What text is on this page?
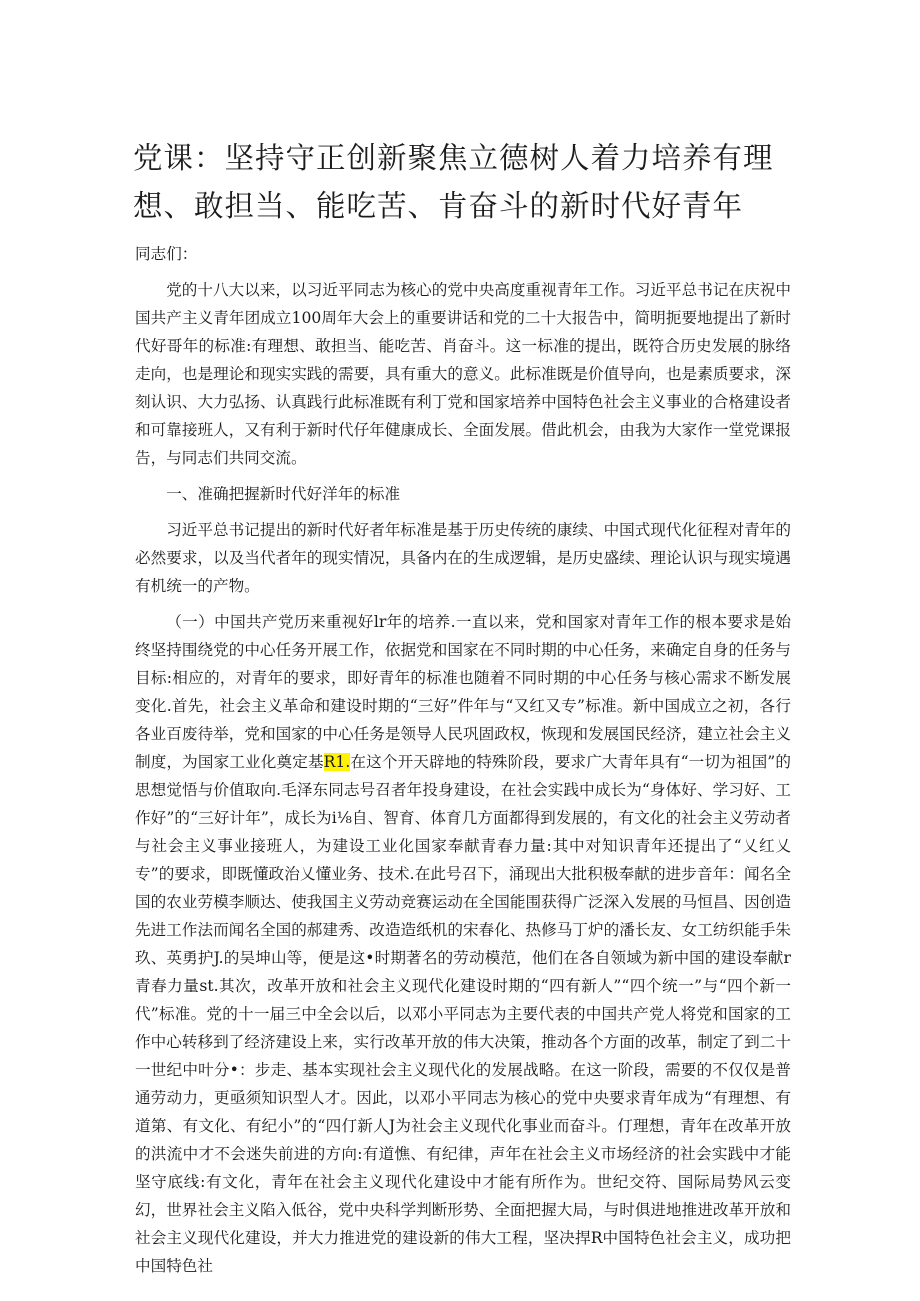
党课：坚持守正创新聚焦立德树人着力培养有理想、敢担当、能吃苦、肯奋斗的新时代好青年

同志们：

党的十八大以来，以习近平同志为核心的党中央高度重视青年工作。习近平总书记在庆祝中国共产主义青年团成立100周年大会上的重要讲话和党的二十大报告中，简明扼要地提出了新时代好哥年的标准:有理想、敢担当、能吃苦、肖奋斗。这一标准的提出，既符合历史发展的脉络走向，也是理论和现实实践的需要，具有重大的意义。此标准既是价值导向，也是素质要求，深刻认识、大力弘扬、认真践行此标准既有利丁党和国家培养中国特色社会主义事业的合格建设者和可靠接班人，又有利于新时代仔年健康成长、全面发展。借此机会，由我为大家作一堂党课报告，与同志们共同交流。

一、准确把握新时代好洋年的标准

习近平总书记提出的新时代好者年标准是基于历史传统的康续、中国式现代化征程对青年的必然要求，以及当代者年的现实情况，具备内在的生成逻辑，是历史盛续、理论认识与现实境遇有机统一的产物。

（一）中国共产党历来重视好lr年的培养.一直以来，党和国家对青年工作的根本要求是始终坚持围绕党的中心任务开展工作，依据党和国家在不同时期的中心任务，来确定自身的任务与目标:相应的，对青年的要求，即好青年的标准也随着不同时期的中心任务与核心需求不断发展变化.首先，社会主义革命和建设时期的“三好”件年与“又红又专”标准。新中国成立之初，各行各业百废待举，党和国家的中心任务是领导人民巩固政权，恢现和发展国民经济，建立社会主义制度，为国家工业化奠定基R1.在这个开天辟地的特殊阶段，要求广大青年具有“一切为祖国”的思想觉悟与价值取向.毛泽东同志号召者年投身建设，在社会实践中成长为“身体好、学习好、工作好”的“三好计年”，成长为i⅛自、智育、体育几方面都得到发展的，有文化的社会主义劳动者与社会主义事业接班人，为建设工业化国家奉献青春力量:其中对知识青年还提出了“乂红乂专”的要求，即既懂政治乂懂业务、技术.在此号召下，涌现出大批积极奉献的进步音年：闻名全国的农业劳模李顺达、使我国主义劳动竞赛运动在全国能围获得广泛深入发展的马恒昌、因创造先进工作法而闻名全国的郝建秀、改造造纸机的宋春化、热修马丁炉的潘长友、女工纺织能手朱玖、英勇护J.的吴坤山等，便是这•时期著名的劳动模范，他们在各自领域为新中国的建设奉献r青春力量st.其次，改革开放和社会主义现代化建设时期的“四有新人”“四个统一”与“四个新一代”标准。党的十一届三中全会以后，以邓小平同志为主要代表的中国共产党人将党和国家的工作中心转移到了经济建设上来，实行改革开放的伟大决策，推动各个方面的改革，制定了到二十一世纪中叶分•：步走、基本实现社会主义现代化的发展战略。在这一阶段，需要的不仅仅是普通劳动力，更亟须知识型人才。因此，以邓小平同志为核心的党中央要求青年成为“有理想、有道第、有文化、有纪小”的“四仃新人J为社会主义现代化事业而奋斗。仃理想，青年在改革开放的洪流中才不会迷失前进的方向:有道憔、有纪律，声年在社会主义市场经济的社会实践中才能坚守底线:有文化，青年在社会主义现代化建设中才能有所作为。世纪交符、国际局势风云变幻，世界社会主义陷入低谷，党中央科学判断形势、全面把握大局，与时俱进地推进改革开放和社会主义现代化建设，并大力推进党的建设新的伟大工程，坚决捍R中国特色社会主义，成功把中国特色社
